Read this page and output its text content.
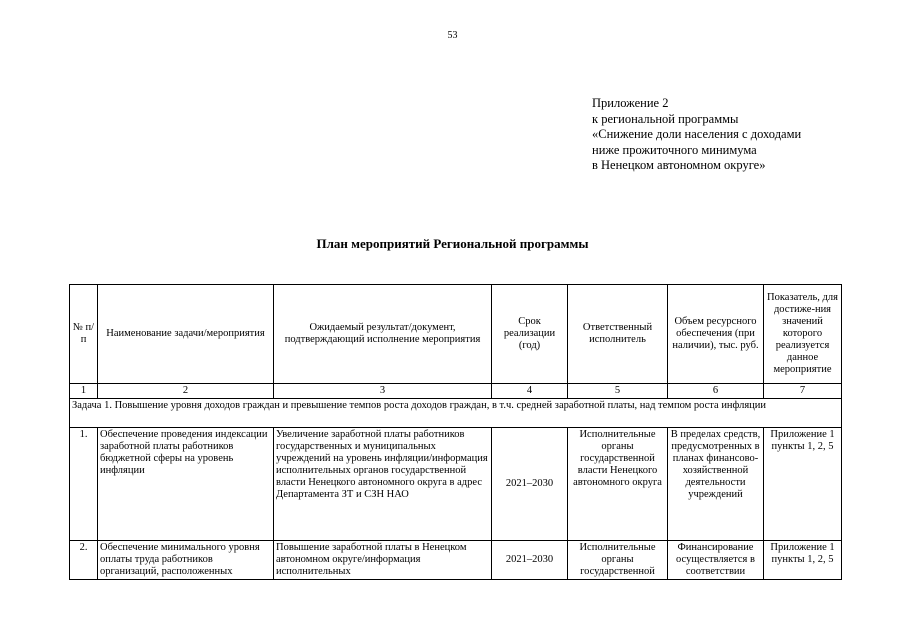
53
Приложение 2
к региональной программы
«Снижение доли населения с доходами
ниже прожиточного минимума
в Ненецком автономном округе»
План мероприятий Региональной программы
№ п/п	Наименование задачи/мероприятия	Ожидаемый результат/документ, подтверждающий исполнение мероприятия	Срок реализации (год)	Ответственный исполнитель	Объем ресурсного обеспечения (при наличии), тыс. руб.	Показатель, для достиже-ния значений которого реализуется данное мероприятие
1	2	3	4	5	6	7
Задача 1. Повышение уровня доходов граждан и превышение темпов роста доходов граждан, в т.ч. средней заработной платы, над темпом роста инфляции						
1.	Обеспечение проведения индексации заработной платы работников бюджетной сферы на уровень инфляции	Увеличение заработной платы работников государственных и муниципальных учреждений на уровень инфляции/информация исполнительных органов государственной власти Ненецкого автономного округа в адрес Департамента ЗТ и СЗН НАО	2021–2030	Исполнительные органы государственной власти Ненецкого автономного округа	В пределах средств, предусмотренных в планах финансово-хозяйственной деятельности учреждений	Приложение 1 пункты 1, 2, 5
2.	Обеспечение минимального уровня оплаты труда работников организаций, расположенных	Повышение заработной платы в Ненецком автономном округе/информация исполнительных	2021–2030	Исполнительные органы государственной	Финансирование осуществляется в соответствии	Приложение 1 пункты 1, 2, 5
